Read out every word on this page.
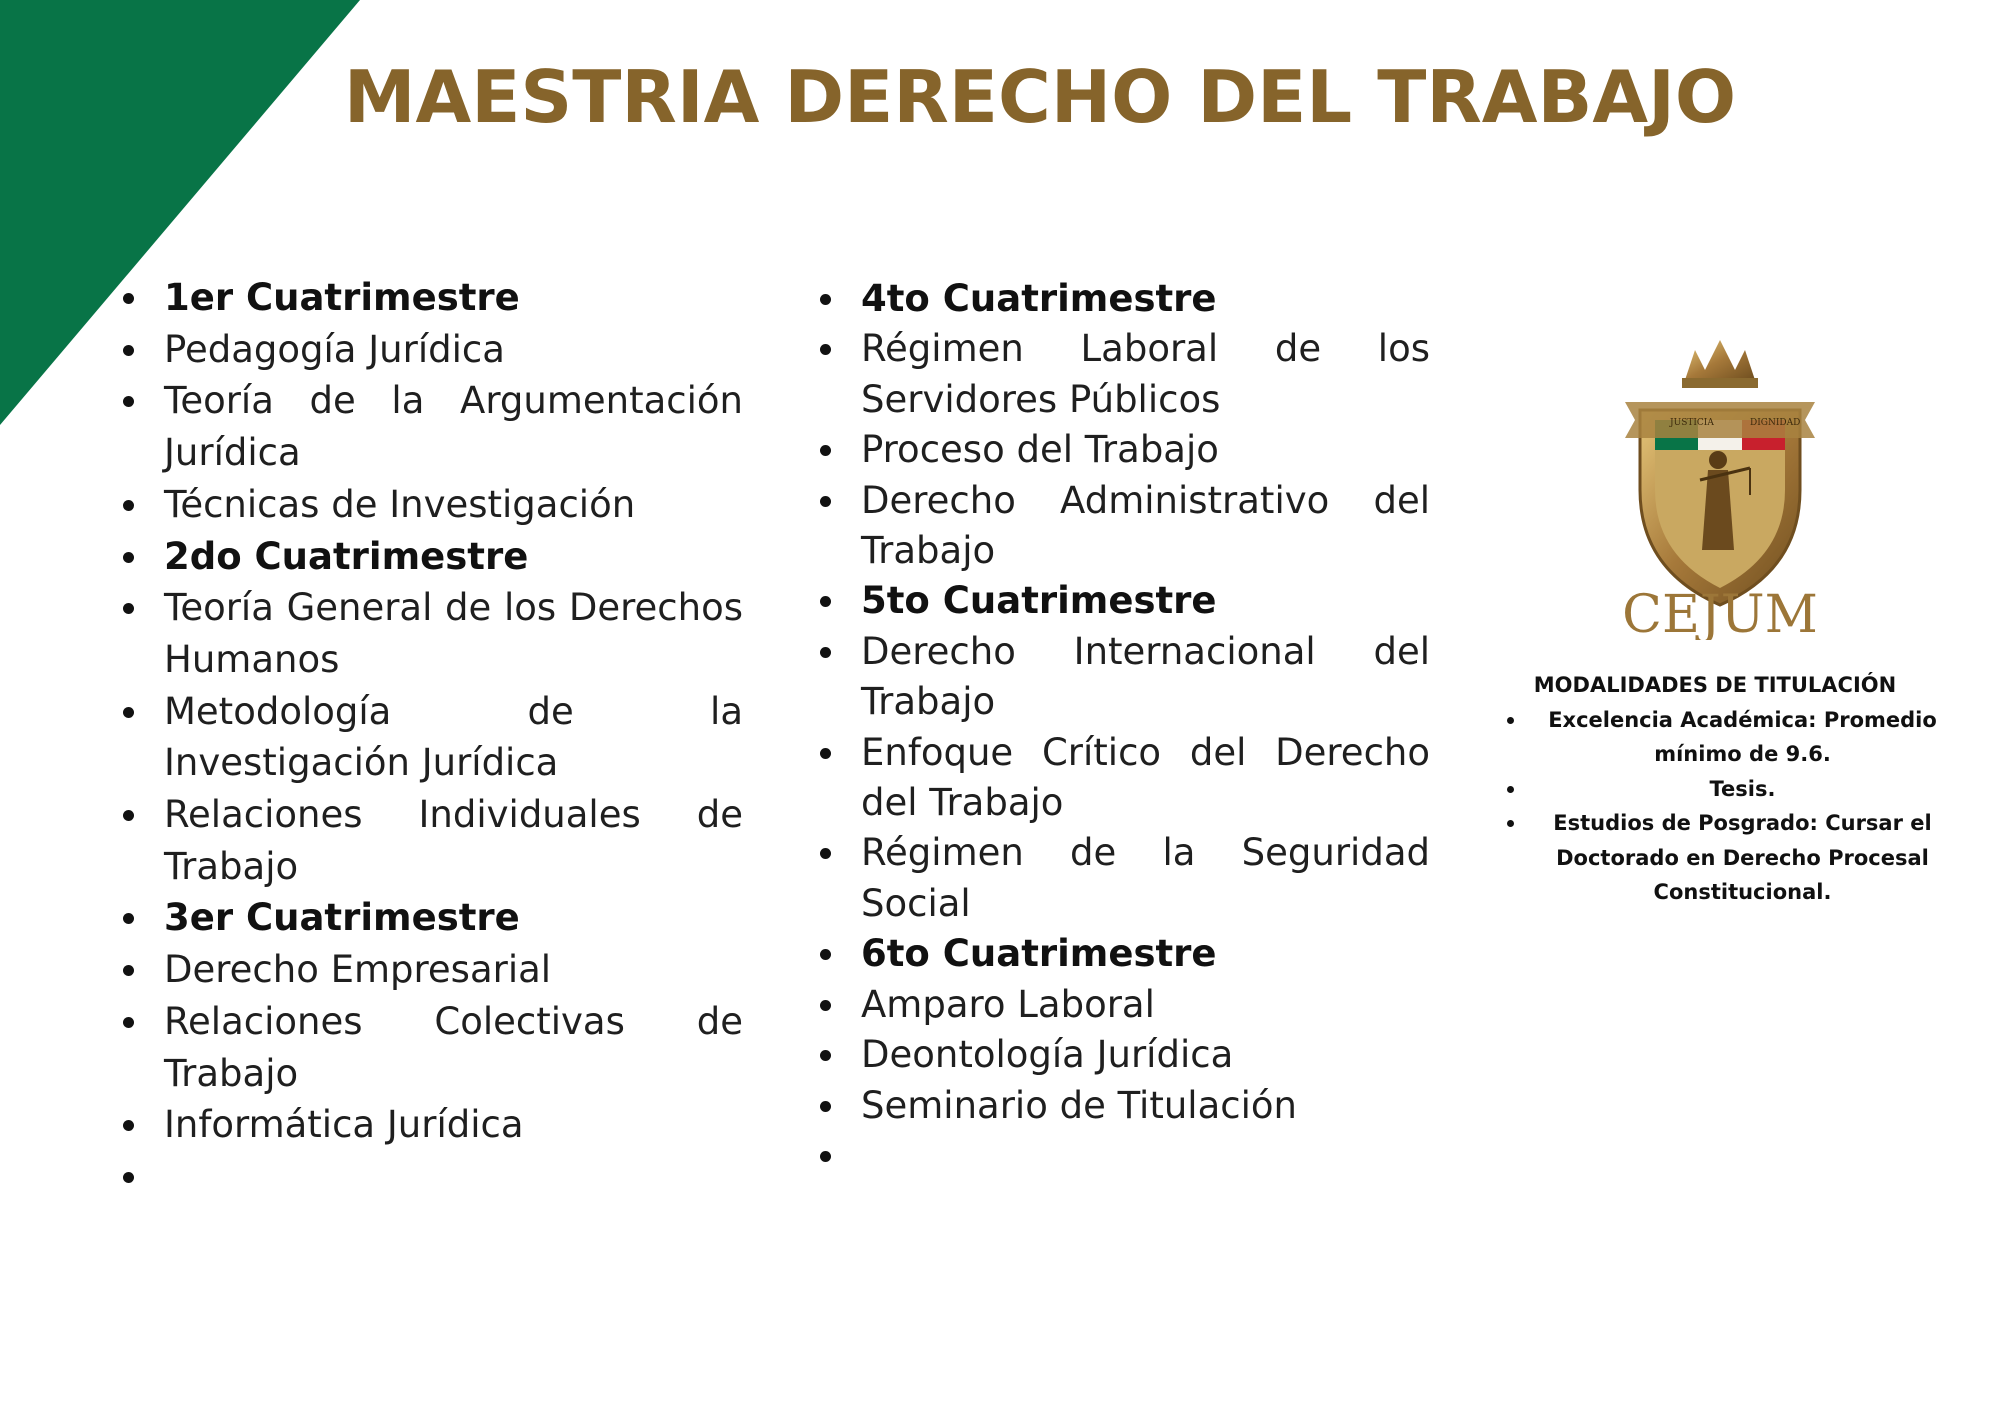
MAESTRIA DERECHO DEL TRABAJO
1er Cuatrimestre
Pedagogía Jurídica
Teoría de la Argumentación Jurídica
Técnicas de Investigación
2do Cuatrimestre
Teoría General de los Derechos Humanos
Metodología de la Investigación Jurídica
Relaciones Individuales de Trabajo
3er Cuatrimestre
Derecho Empresarial
Relaciones Colectivas de Trabajo
Informática Jurídica

4to Cuatrimestre
Régimen Laboral de los Servidores Públicos
Proceso del Trabajo
Derecho Administrativo del Trabajo
5to Cuatrimestre
Derecho Internacional del Trabajo
Enfoque Crítico del Derecho del Trabajo
Régimen de la Seguridad Social
6to Cuatrimestre
Amparo Laboral
Deontología Jurídica
Seminario de Titulación

JUSTICIA	DIGNIDAD
CEJUM
MODALIDADES DE TITULACIÓN
Excelencia Académica: Promedio mínimo de 9.6.
Tesis.
Estudios de Posgrado: Cursar el Doctorado en Derecho Procesal Constitucional.
